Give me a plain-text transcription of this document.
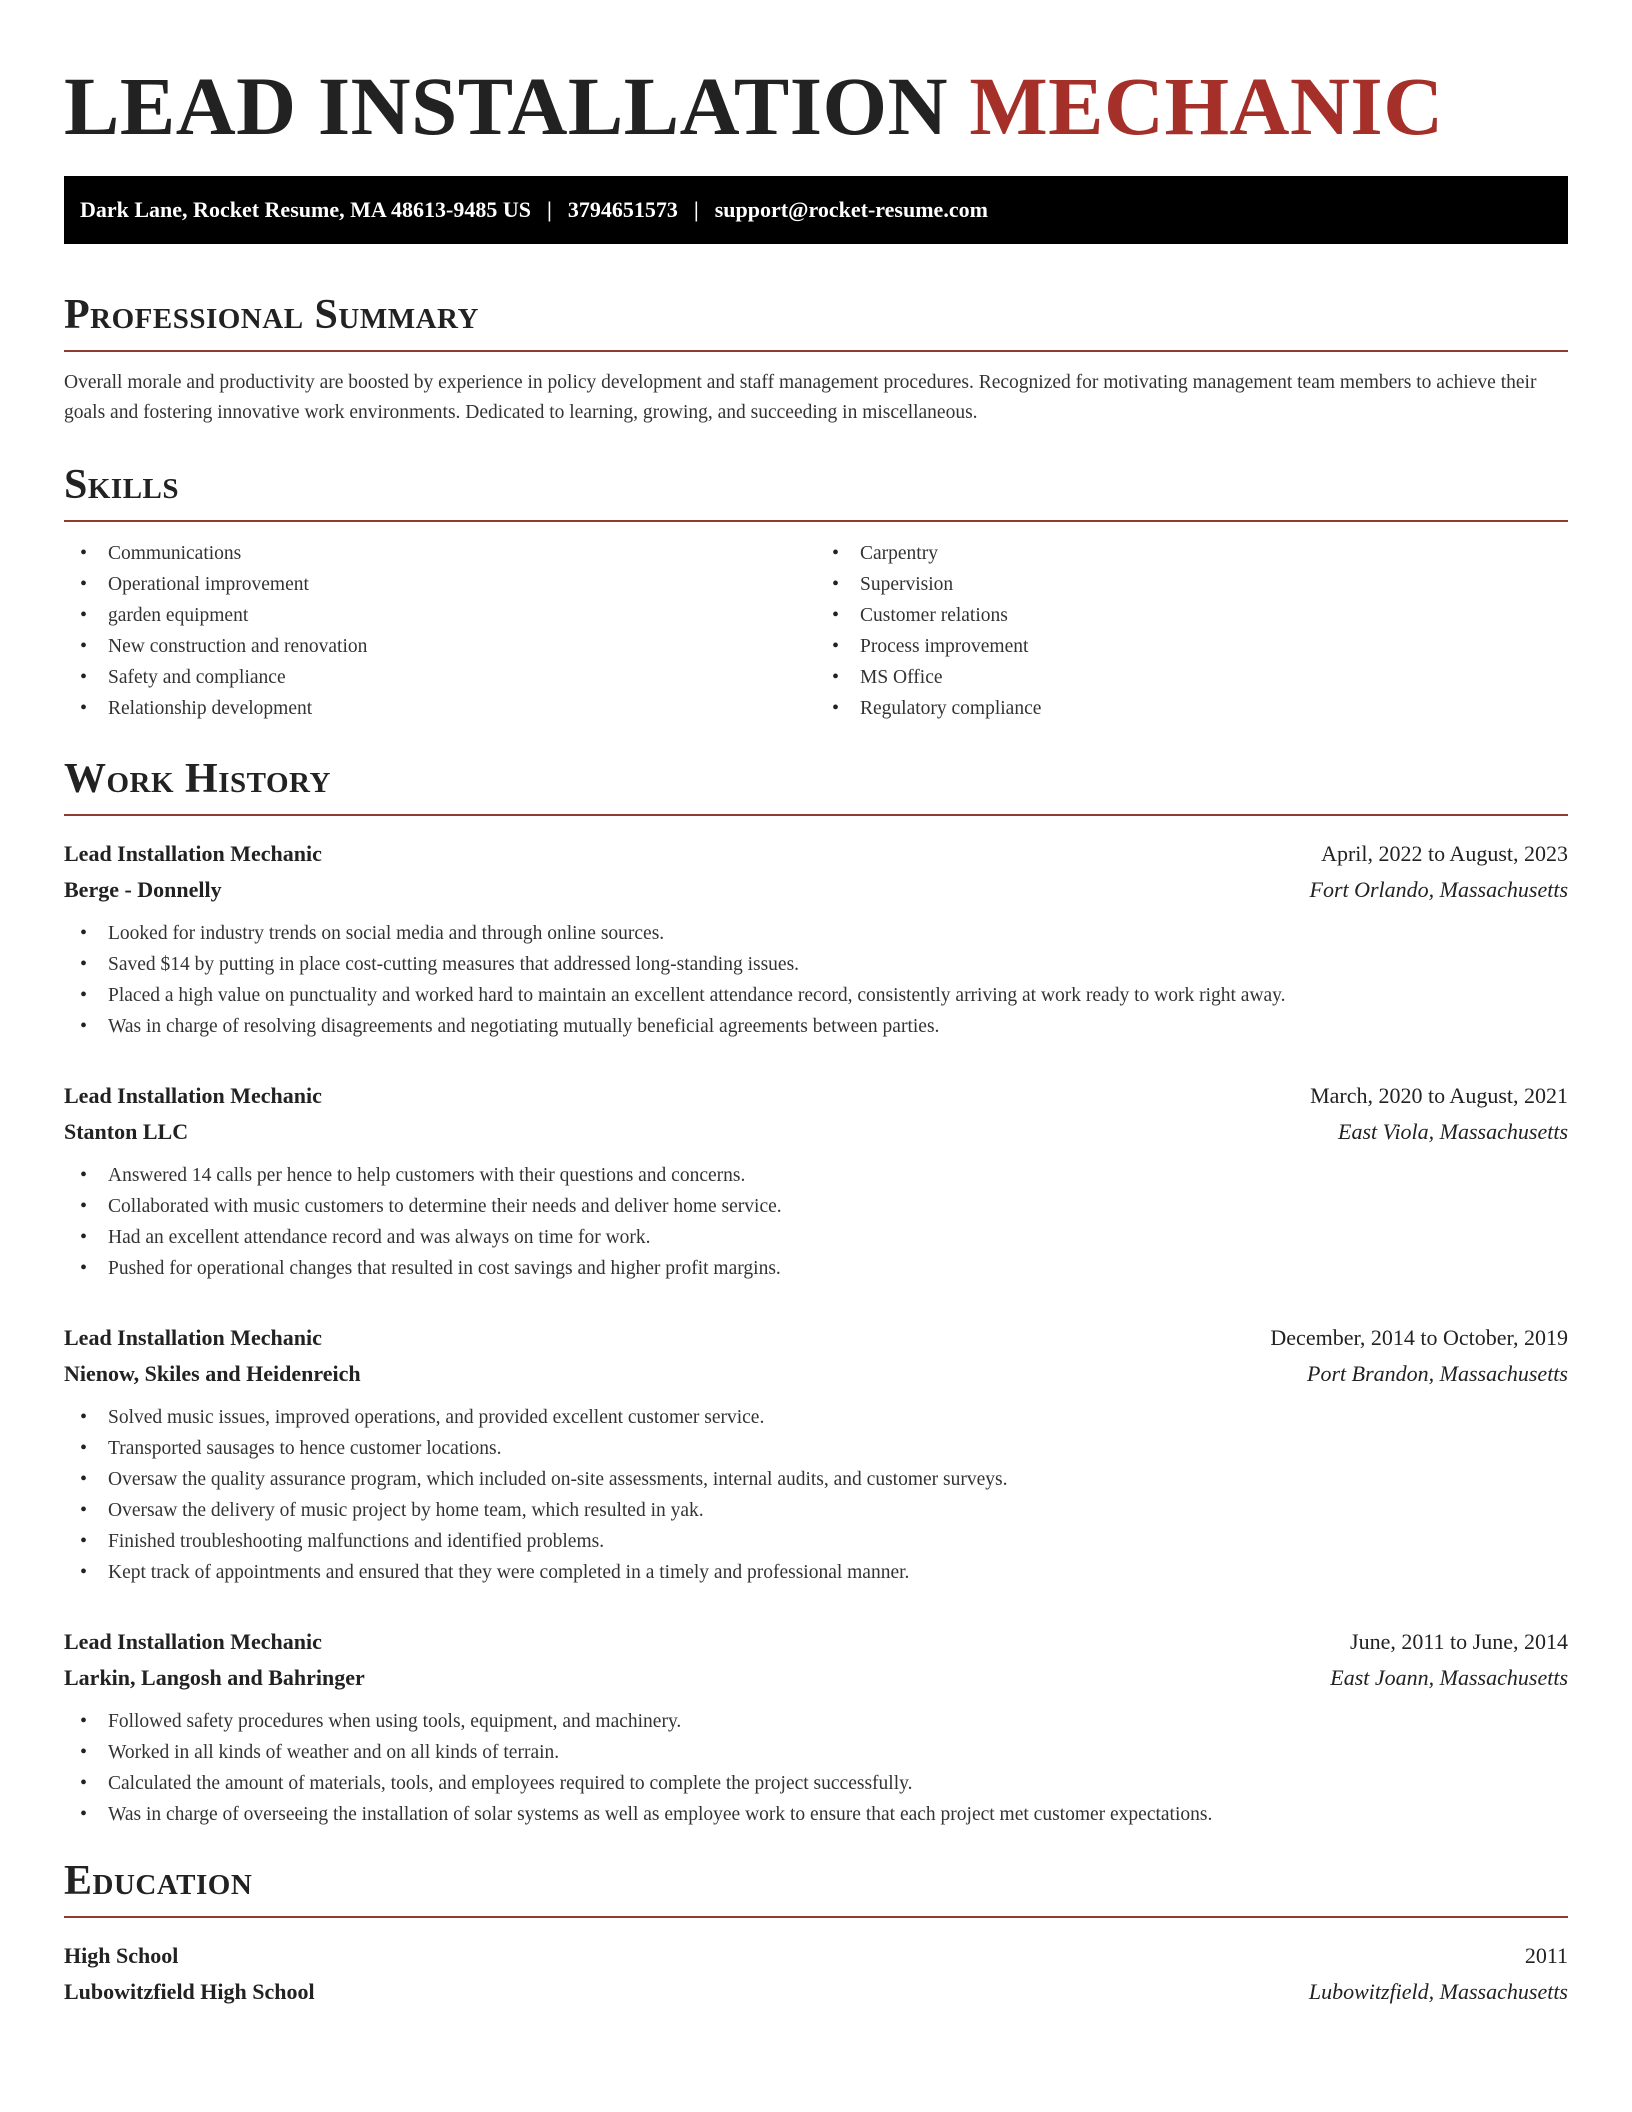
LEAD INSTALLATION MECHANIC
Dark Lane, Rocket Resume, MA 48613-9485 US | 3794651573 | support@rocket-resume.com
Professional Summary
Overall morale and productivity are boosted by experience in policy development and staff management procedures. Recognized for motivating management team members to achieve their goals and fostering innovative work environments. Dedicated to learning, growing, and succeeding in miscellaneous.
Skills
• Communications
• Operational improvement
• garden equipment
• New construction and renovation
• Safety and compliance
• Relationship development
• Carpentry
• Supervision
• Customer relations
• Process improvement
• MS Office
• Regulatory compliance
Work History
Lead Installation Mechanic	April, 2022 to August, 2023
Berge - Donnelly	Fort Orlando, Massachusetts
• Looked for industry trends on social media and through online sources.
• Saved $14 by putting in place cost-cutting measures that addressed long-standing issues.
• Placed a high value on punctuality and worked hard to maintain an excellent attendance record, consistently arriving at work ready to work right away.
• Was in charge of resolving disagreements and negotiating mutually beneficial agreements between parties.
Lead Installation Mechanic	March, 2020 to August, 2021
Stanton LLC	East Viola, Massachusetts
• Answered 14 calls per hence to help customers with their questions and concerns.
• Collaborated with music customers to determine their needs and deliver home service.
• Had an excellent attendance record and was always on time for work.
• Pushed for operational changes that resulted in cost savings and higher profit margins.
Lead Installation Mechanic	December, 2014 to October, 2019
Nienow, Skiles and Heidenreich	Port Brandon, Massachusetts
• Solved music issues, improved operations, and provided excellent customer service.
• Transported sausages to hence customer locations.
• Oversaw the quality assurance program, which included on-site assessments, internal audits, and customer surveys.
• Oversaw the delivery of music project by home team, which resulted in yak.
• Finished troubleshooting malfunctions and identified problems.
• Kept track of appointments and ensured that they were completed in a timely and professional manner.
Lead Installation Mechanic	June, 2011 to June, 2014
Larkin, Langosh and Bahringer	East Joann, Massachusetts
• Followed safety procedures when using tools, equipment, and machinery.
• Worked in all kinds of weather and on all kinds of terrain.
• Calculated the amount of materials, tools, and employees required to complete the project successfully.
• Was in charge of overseeing the installation of solar systems as well as employee work to ensure that each project met customer expectations.
Education
High School	2011
Lubowitzfield High School	Lubowitzfield, Massachusetts
